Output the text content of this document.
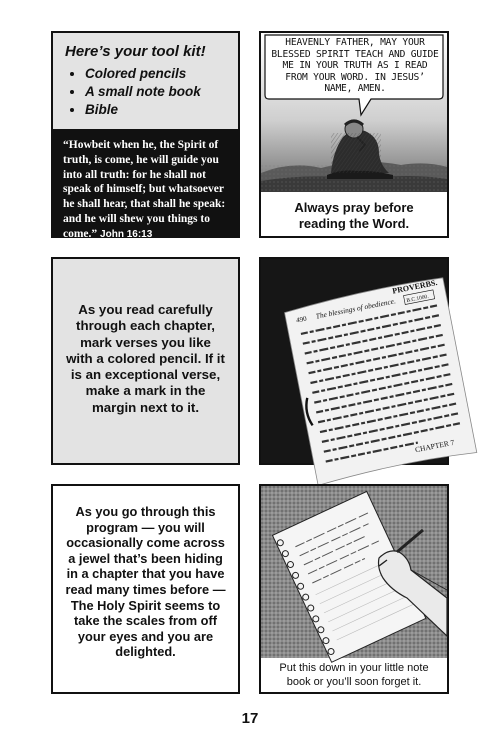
Here’s your tool kit!
• Colored pencils
• A small note book
• Bible
“Howbeit when he, the Spirit of truth, is come, he will guide you into all truth: for he shall not speak of himself; but whatsoever he shall hear, that shall he speak: and he will shew you things to come.” John 16:13
HEAVENLY FATHER, MAY YOUR BLESSED SPIRIT TEACH AND GUIDE ME IN YOUR TRUTH AS I READ FROM YOUR WORD. IN JESUS’ NAME, AMEN.
Always pray before reading the Word.
As you read carefully through each chapter, mark verses you like with a colored pencil. If it is an exceptional verse, make a mark in the margin next to it.
490 The blessings of obedience.
PROVERBS.
B.C.1000.
CHAPTER 7
As you go through this program — you will occasionally come across a jewel that’s been hiding in a chapter that you have read many times before — The Holy Spirit seems to take the scales from off your eyes and you are delighted.
Put this down in your little note book or you’ll soon forget it.
17
